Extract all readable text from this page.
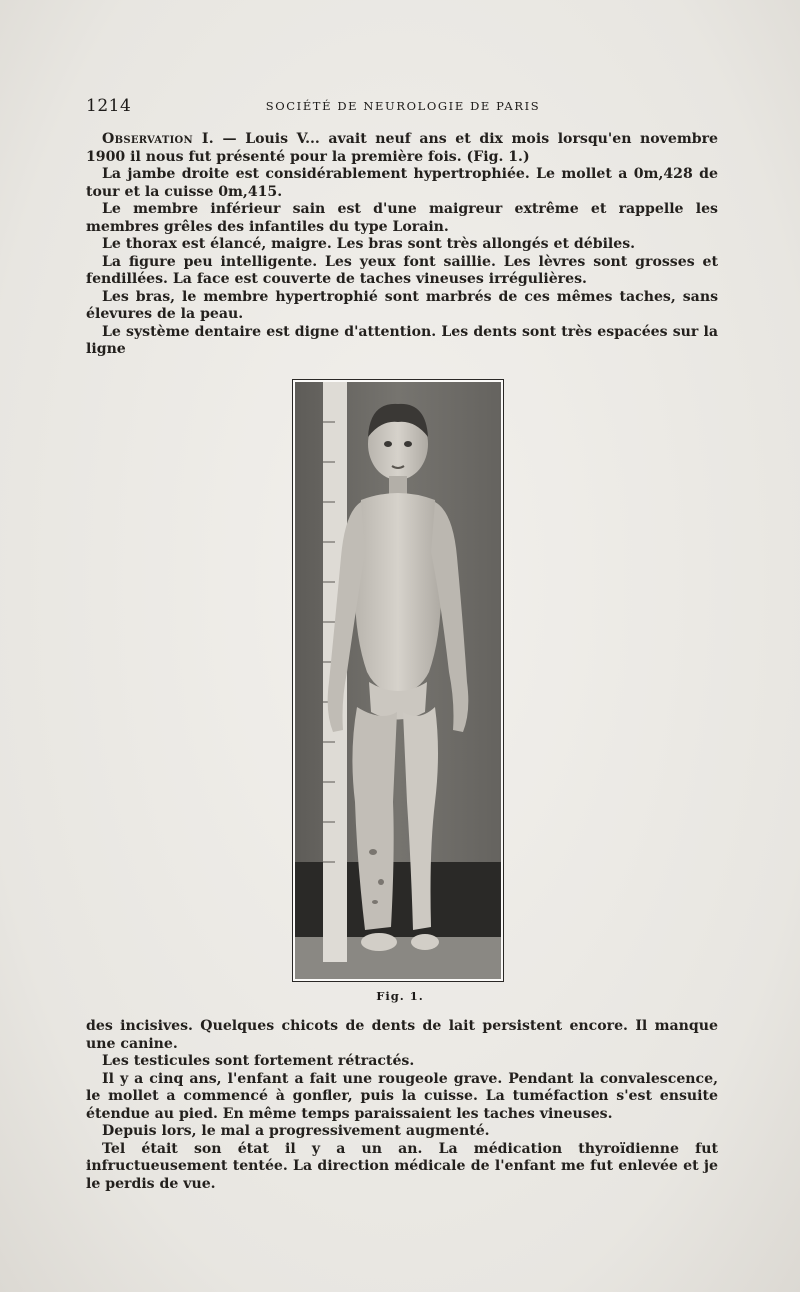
1214	SOCIÉTÉ DE NEUROLOGIE DE PARIS

Observation I. — Louis V... avait neuf ans et dix mois lorsqu'en novembre 1900 il nous fut présenté pour la première fois. (Fig. 1.)

La jambe droite est considérablement hypertrophiée. Le mollet a 0m,428 de tour et la cuisse 0m,415.

Le membre inférieur sain est d'une maigreur extrême et rappelle les membres grêles des infantiles du type Lorain.

Le thorax est élancé, maigre. Les bras sont très allongés et débiles.

La figure peu intelligente. Les yeux font saillie. Les lèvres sont grosses et fendillées. La face est couverte de taches vineuses irrégulières.

Les bras, le membre hypertrophié sont marbrés de ces mêmes taches, sans élevures de la peau.

Le système dentaire est digne d'attention. Les dents sont très espacées sur la ligne

Fig. 1.

des incisives. Quelques chicots de dents de lait persistent encore. Il manque une canine.

Les testicules sont fortement rétractés.

Il y a cinq ans, l'enfant a fait une rougeole grave. Pendant la convalescence, le mollet a commencé à gonfler, puis la cuisse. La tuméfaction s'est ensuite étendue au pied. En même temps paraissaient les taches vineuses.

Depuis lors, le mal a progressivement augmenté.

Tel était son état il y a un an. La médication thyroïdienne fut infructueusement tentée. La direction médicale de l'enfant me fut enlevée et je le perdis de vue.
